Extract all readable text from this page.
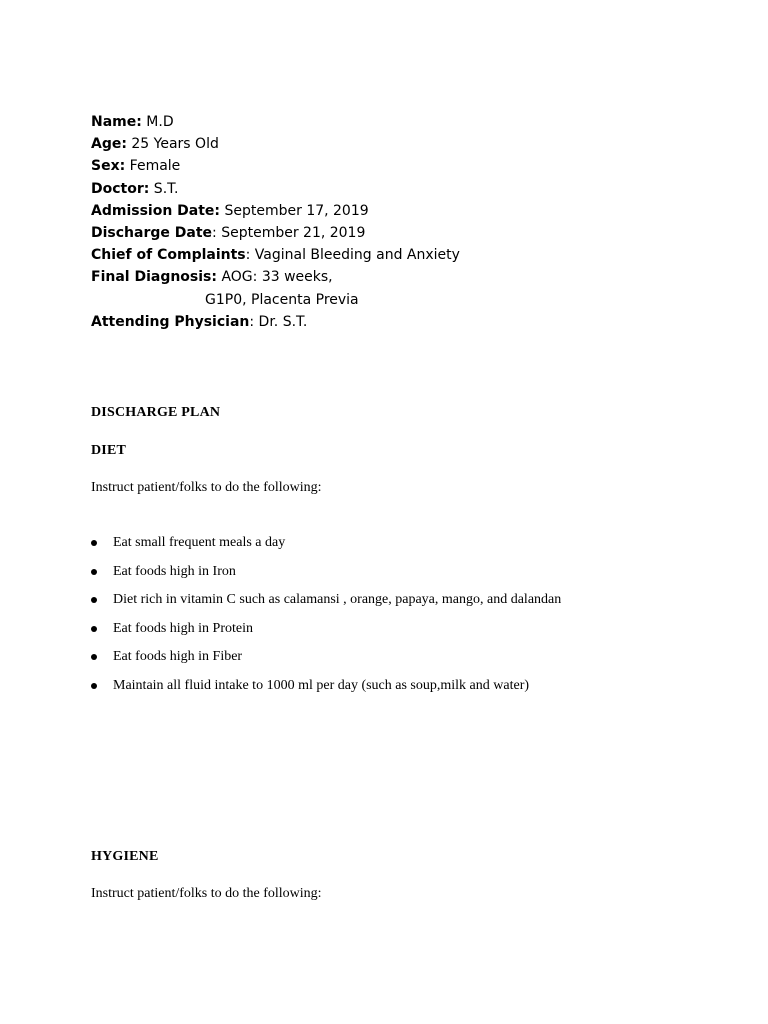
Name: M.D
Age: 25 Years Old
Sex: Female
Doctor: S.T.
Admission Date: September 17, 2019
Discharge Date: September 21, 2019
Chief of Complaints: Vaginal Bleeding and Anxiety
Final Diagnosis: AOG: 33 weeks,
G1P0, Placenta Previa
Attending Physician: Dr. S.T.
DISCHARGE PLAN
DIET
Instruct patient/folks to do the following:
Eat small frequent meals a day
Eat foods high in Iron
Diet rich in vitamin C such as calamansi , orange, papaya, mango, and dalandan
Eat foods high in Protein
Eat foods high in Fiber
Maintain all fluid intake to 1000 ml per day (such as soup,milk and water)
HYGIENE
Instruct patient/folks to do the following:
